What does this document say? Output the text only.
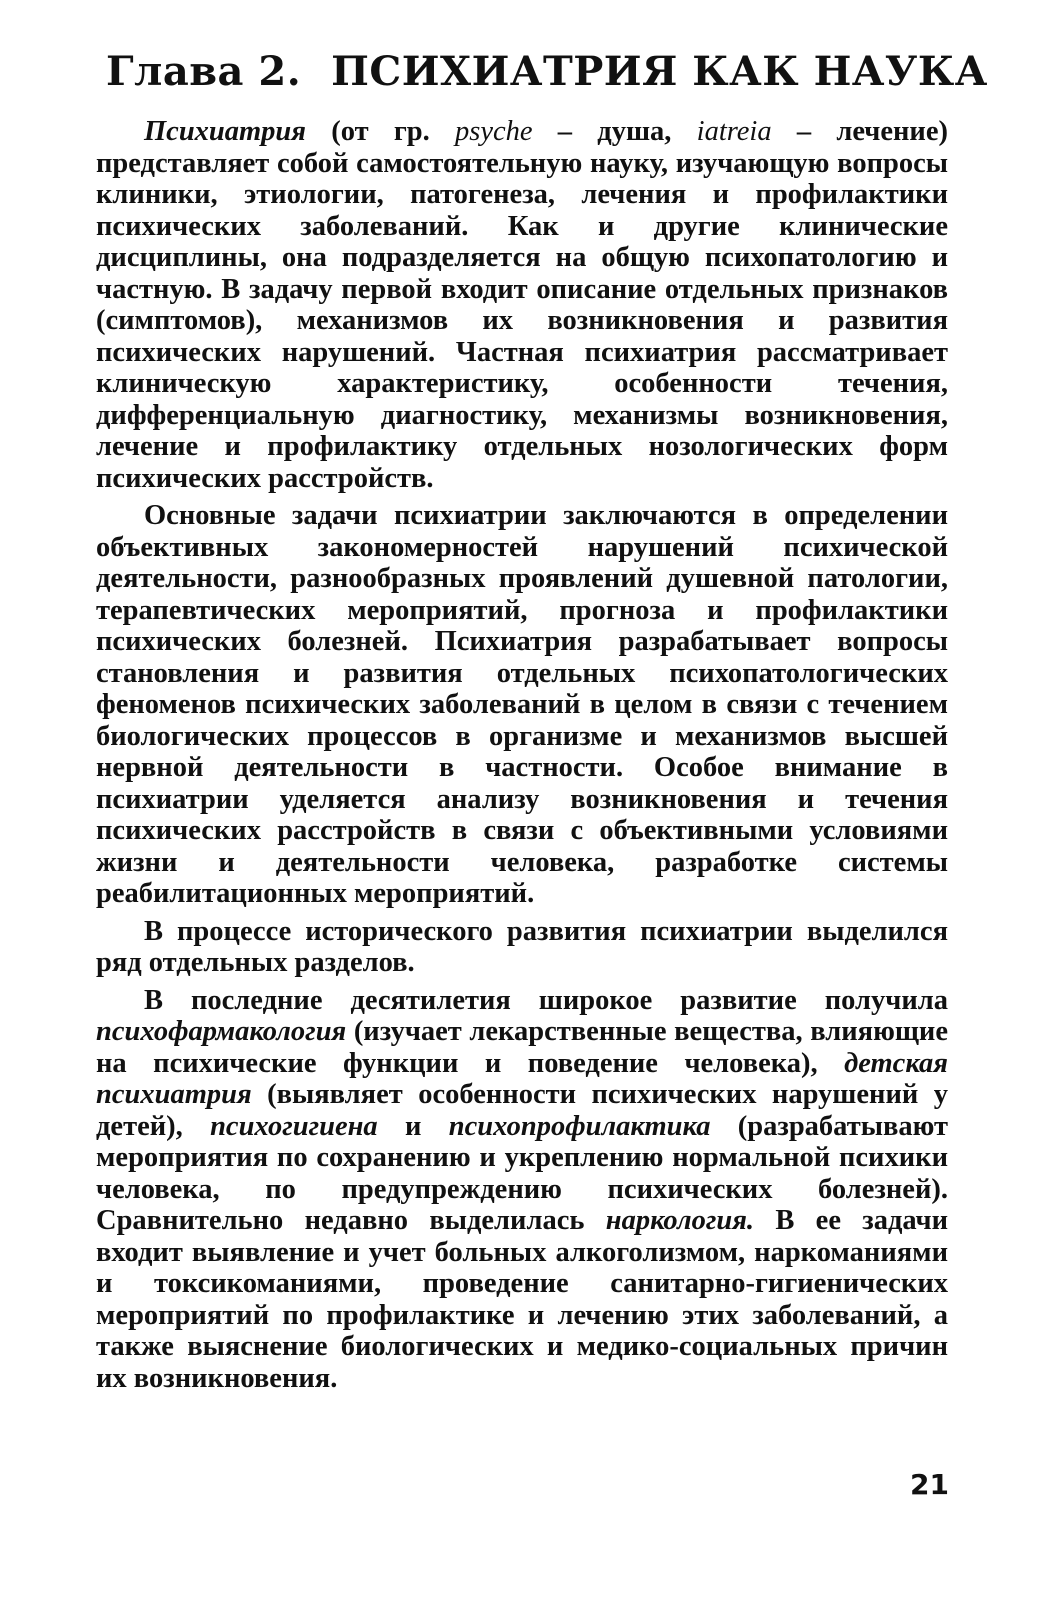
Глава 2. ПСИХИАТРИЯ КАК НАУКА

Психиатрия (от гр. psyche – душа, iatreia – лечение) представляет собой самостоятельную науку, изучающую вопросы клиники, этиологии, патогенеза, лечения и профилактики психических заболеваний. Как и другие клинические дисциплины, она подразделяется на общую психопатологию и частную. В задачу первой входит описание отдельных признаков (симптомов), механизмов их возникновения и развития психических нарушений. Частная психиатрия рассматривает клиническую характеристику, особенности течения, дифференциальную диагностику, механизмы возникновения, лечение и профилактику отдельных нозологических форм психических расстройств.

Основные задачи психиатрии заключаются в определении объективных закономерностей нарушений психической деятельности, разнообразных проявлений душевной патологии, терапевтических мероприятий, прогноза и профилактики психических болезней. Психиатрия разрабатывает вопросы становления и развития отдельных психопатологических феноменов психических заболеваний в целом в связи с течением биологических процессов в организме и механизмов высшей нервной деятельности в частности. Особое внимание в психиатрии уделяется анализу возникновения и течения психических расстройств в связи с объективными условиями жизни и деятельности человека, разработке системы реабилитационных мероприятий.

В процессе исторического развития психиатрии выделился ряд отдельных разделов.

В последние десятилетия широкое развитие получила психофармакология (изучает лекарственные вещества, влияющие на психические функции и поведение человека), детская психиатрия (выявляет особенности психических нарушений у детей), психогигиена и психопрофилактика (разрабатывают мероприятия по сохранению и укреплению нормальной психики человека, по предупреждению психических болезней). Сравнительно недавно выделилась наркология. В ее задачи входит выявление и учет больных алкоголизмом, наркоманиями и токсикоманиями, проведение санитарно-гигиенических мероприятий по профилактике и лечению этих заболеваний, а также выяснение биологических и медико-социальных причин их возникновения.

21
